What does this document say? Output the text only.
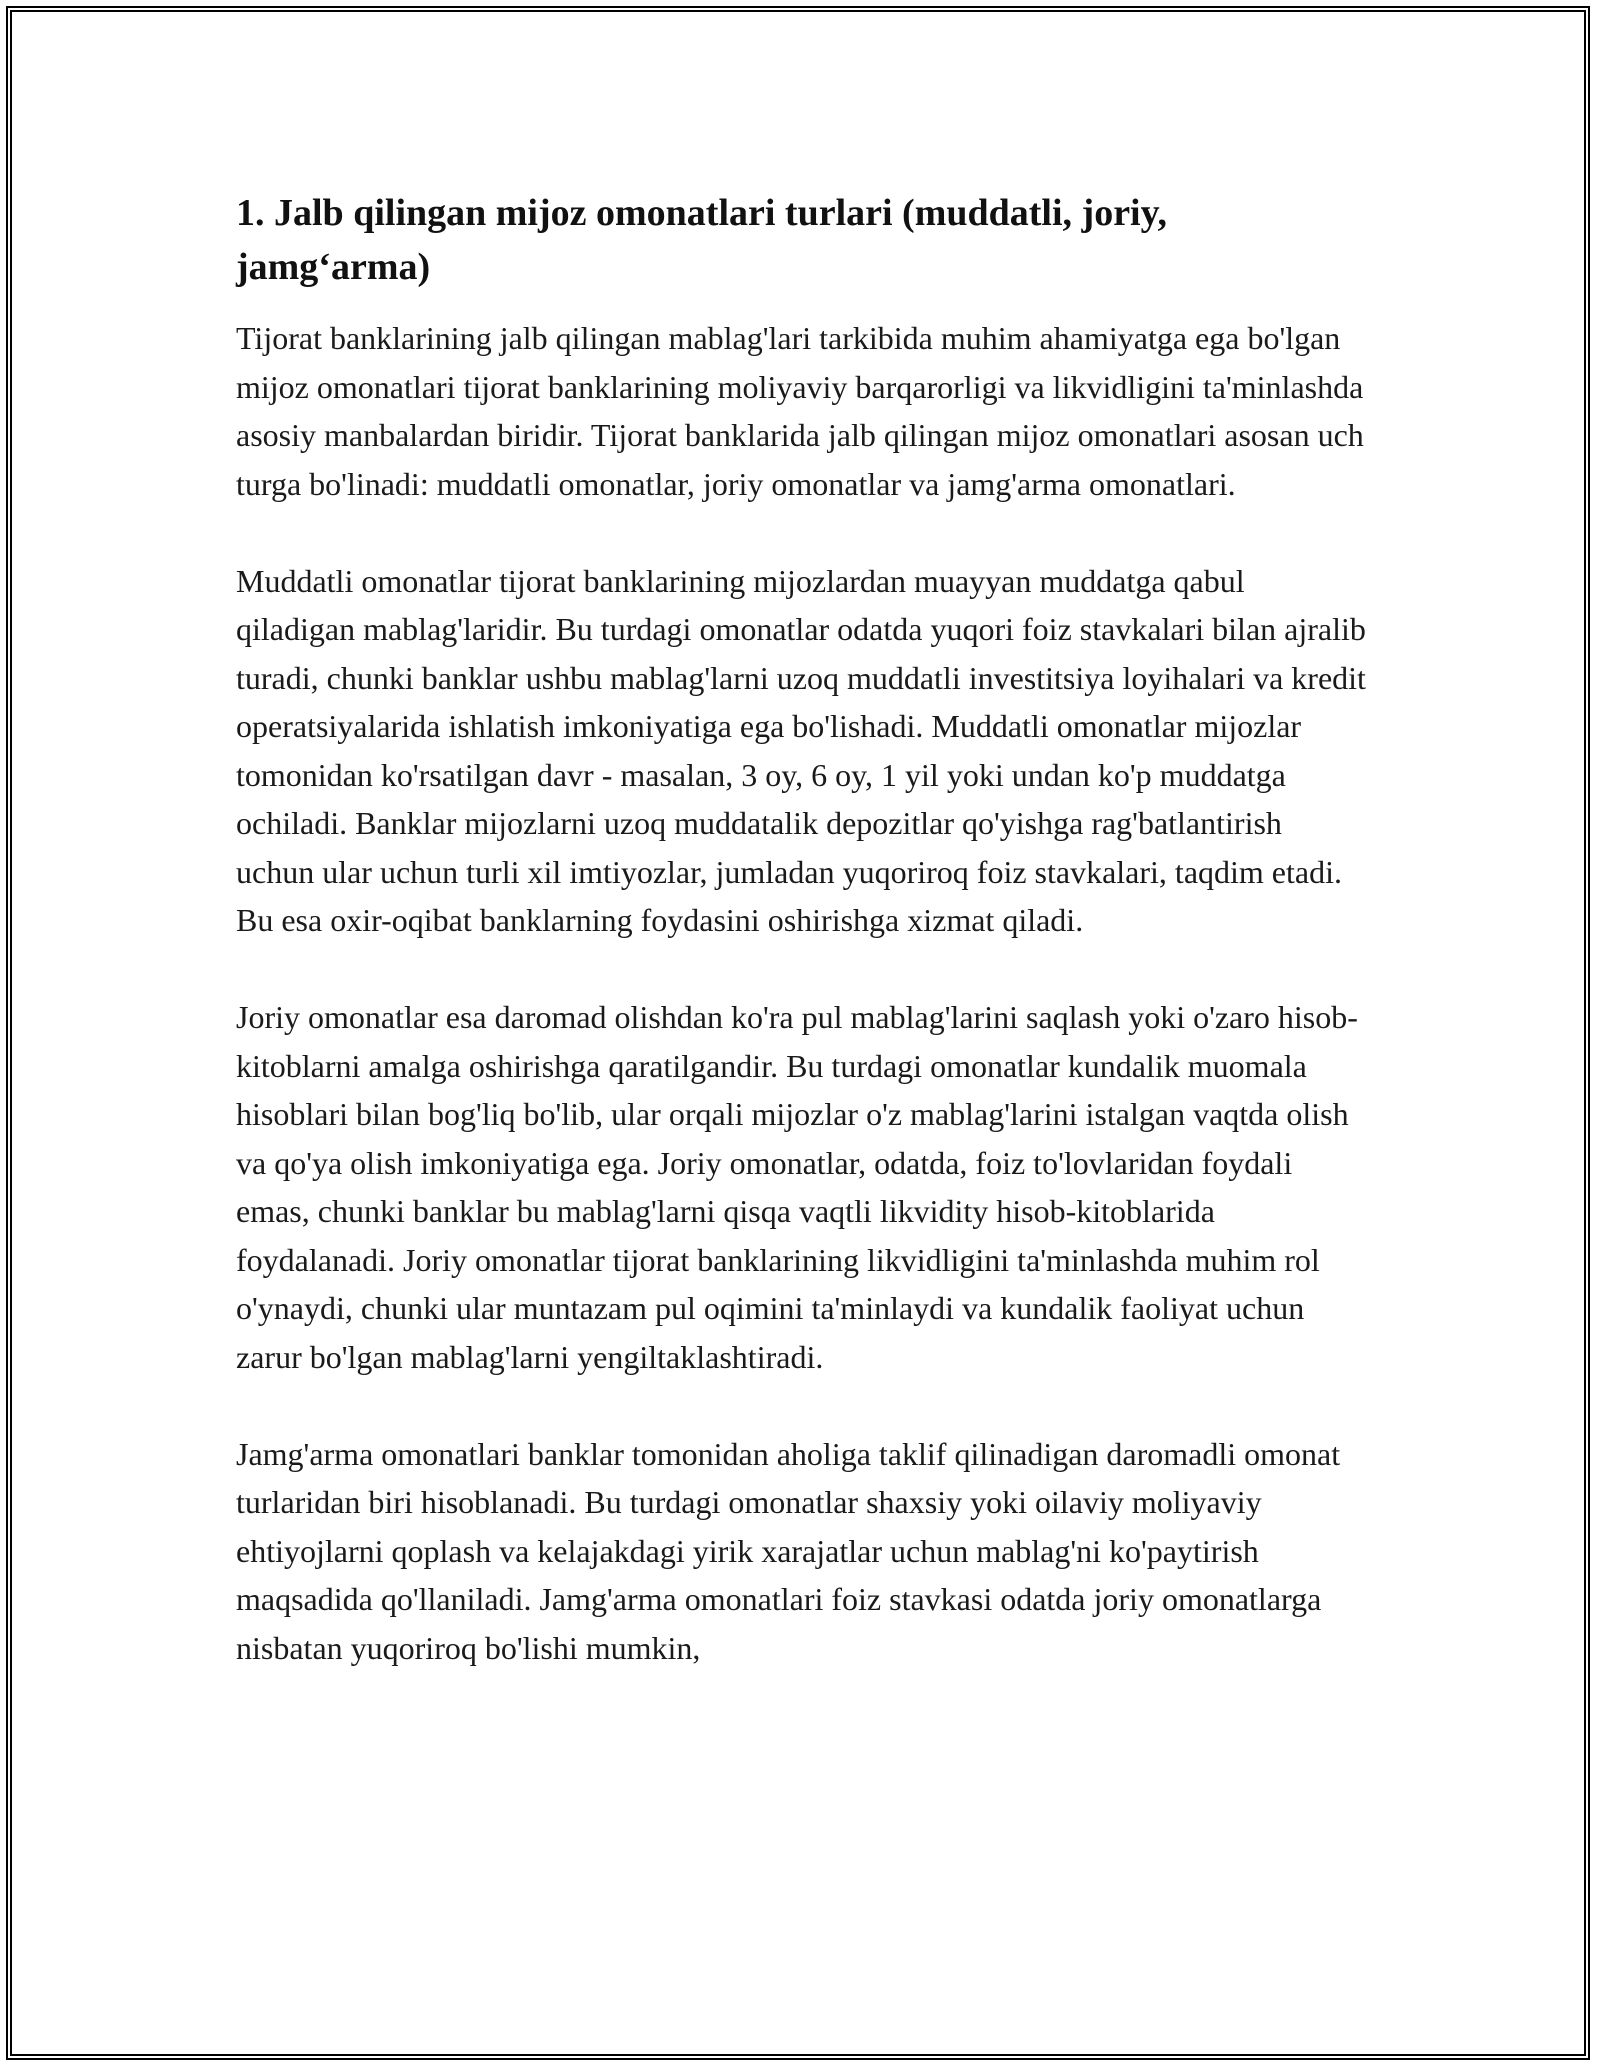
1. Jalb qilingan mijoz omonatlari turlari (muddatli, joriy, jamg‘arma)

Tijorat banklarining jalb qilingan mablag'lari tarkibida muhim ahamiyatga ega bo'lgan mijoz omonatlari tijorat banklarining moliyaviy barqarorligi va likvidligini ta'minlashda asosiy manbalardan biridir. Tijorat banklarida jalb qilingan mijoz omonatlari asosan uch turga bo'linadi: muddatli omonatlar, joriy omonatlar va jamg'arma omonatlari.

Muddatli omonatlar tijorat banklarining mijozlardan muayyan muddatga qabul qiladigan mablag'laridir. Bu turdagi omonatlar odatda yuqori foiz stavkalari bilan ajralib turadi, chunki banklar ushbu mablag'larni uzoq muddatli investitsiya loyihalari va kredit operatsiyalarida ishlatish imkoniyatiga ega bo'lishadi. Muddatli omonatlar mijozlar tomonidan ko'rsatilgan davr - masalan, 3 oy, 6 oy, 1 yil yoki undan ko'p muddatga ochiladi. Banklar mijozlarni uzoq muddatalik depozitlar qo'yishga rag'batlantirish uchun ular uchun turli xil imtiyozlar, jumladan yuqoriroq foiz stavkalari, taqdim etadi. Bu esa oxir-oqibat banklarning foydasini oshirishga xizmat qiladi.

Joriy omonatlar esa daromad olishdan ko'ra pul mablag'larini saqlash yoki o'zaro hisob-kitoblarni amalga oshirishga qaratilgandir. Bu turdagi omonatlar kundalik muomala hisoblari bilan bog'liq bo'lib, ular orqali mijozlar o'z mablag'larini istalgan vaqtda olish va qo'ya olish imkoniyatiga ega. Joriy omonatlar, odatda, foiz to'lovlaridan foydali emas, chunki banklar bu mablag'larni qisqa vaqtli likvidity hisob-kitoblarida foydalanadi. Joriy omonatlar tijorat banklarining likvidligini ta'minlashda muhim rol o'ynaydi, chunki ular muntazam pul oqimini ta'minlaydi va kundalik faoliyat uchun zarur bo'lgan mablag'larni yengiltaklashtiradi.

Jamg'arma omonatlari banklar tomonidan aholiga taklif qilinadigan daromadli omonat turlaridan biri hisoblanadi. Bu turdagi omonatlar shaxsiy yoki oilaviy moliyaviy ehtiyojlarni qoplash va kelajakdagi yirik xarajatlar uchun mablag'ni ko'paytirish maqsadida qo'llaniladi. Jamg'arma omonatlari foiz stavkasi odatda joriy omonatlarga nisbatan yuqoriroq bo'lishi mumkin,
